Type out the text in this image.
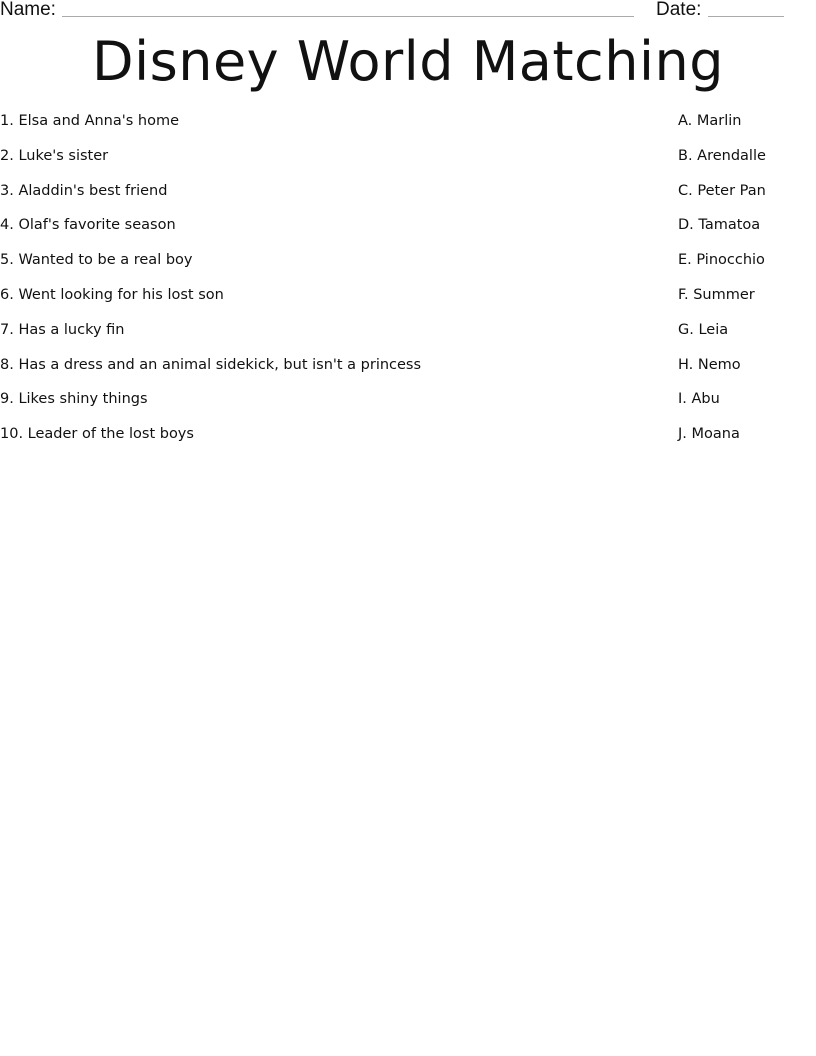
Name:	Date:
Disney World Matching
1. Elsa and Anna's home
2. Luke's sister
3. Aladdin's best friend
4. Olaf's favorite season
5. Wanted to be a real boy
6. Went looking for his lost son
7. Has a lucky fin
8. Has a dress and an animal sidekick, but isn't a princess
9. Likes shiny things
10. Leader of the lost boys
A. Marlin
B. Arendalle
C. Peter Pan
D. Tamatoa
E. Pinocchio
F. Summer
G. Leia
H. Nemo
I. Abu
J. Moana
